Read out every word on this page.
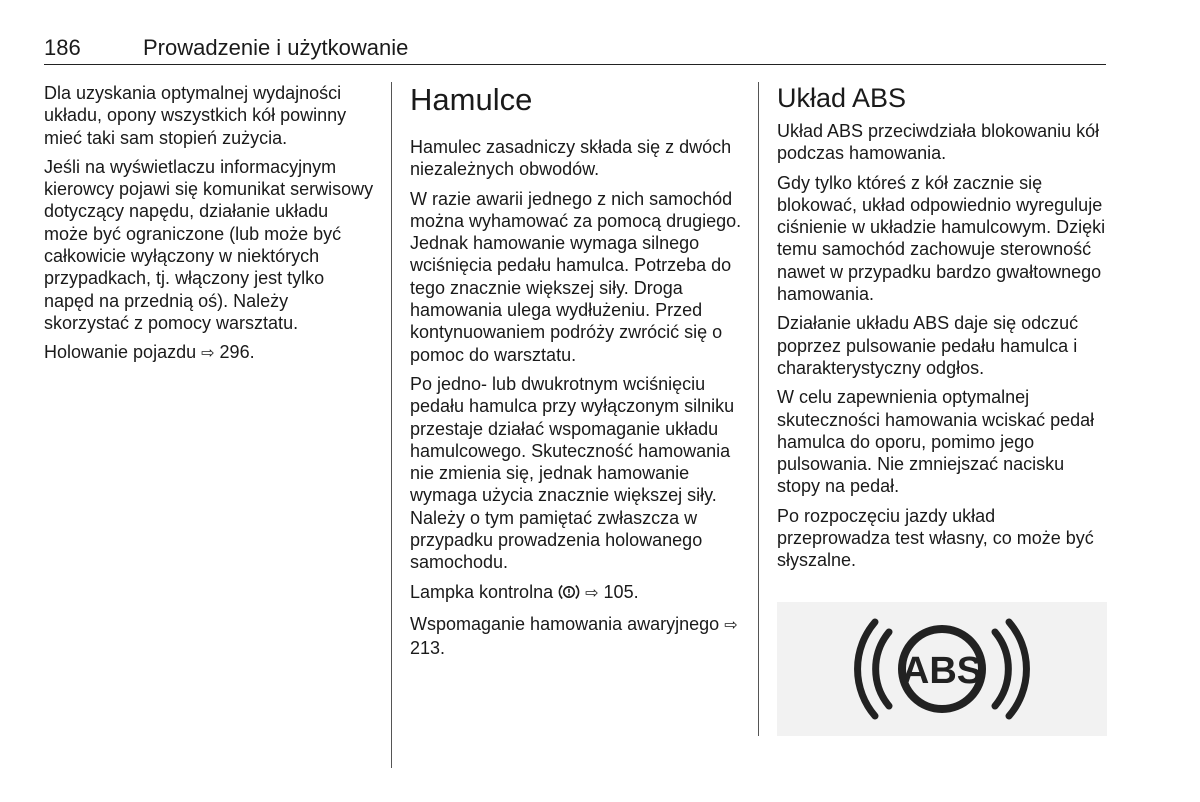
186	Prowadzenie i użytkowanie

Dla uzyskania optymalnej wydajności układu, opony wszystkich kół powinny mieć taki sam stopień zużycia.

Jeśli na wyświetlaczu informacyjnym kierowcy pojawi się komunikat serwisowy dotyczący napędu, działanie układu może być ograniczone (lub może być całkowicie wyłączony w niektórych przypadkach, tj. włączony jest tylko napęd na przednią oś). Należy skorzystać z pomocy warsztatu.

Holowanie pojazdu ⇨ 296.

Hamulce

Hamulec zasadniczy składa się z dwóch niezależnych obwodów.

W razie awarii jednego z nich samochód można wyhamować za pomocą drugiego. Jednak hamowanie wymaga silnego wciśnięcia pedału hamulca. Potrzeba do tego znacznie większej siły. Droga hamowania ulega wydłużeniu. Przed kontynuowaniem podróży zwrócić się o pomoc do warsztatu.

Po jedno- lub dwukrotnym wciśnięciu pedału hamulca przy wyłączonym silniku przestaje działać wspomaganie układu hamulcowego. Skuteczność hamowania nie zmienia się, jednak hamowanie wymaga użycia znacznie większej siły. Należy o tym pamiętać zwłaszcza w przypadku prowadzenia holowanego samochodu.

Lampka kontrolna ⇨ 105.

Wspomaganie hamowania awaryjnego ⇨ 213.

Układ ABS

Układ ABS przeciwdziała blokowaniu kół podczas hamowania.

Gdy tylko któreś z kół zacznie się blokować, układ odpowiednio wyreguluje ciśnienie w układzie hamulcowym. Dzięki temu samochód zachowuje sterowność nawet w przypadku bardzo gwałtownego hamowania.

Działanie układu ABS daje się odczuć poprzez pulsowanie pedału hamulca i charakterystyczny odgłos.

W celu zapewnienia optymalnej skuteczności hamowania wciskać pedał hamulca do oporu, pomimo jego pulsowania. Nie zmniejszać nacisku stopy na pedał.

Po rozpoczęciu jazdy układ przeprowadza test własny, co może być słyszalne.

ABS
